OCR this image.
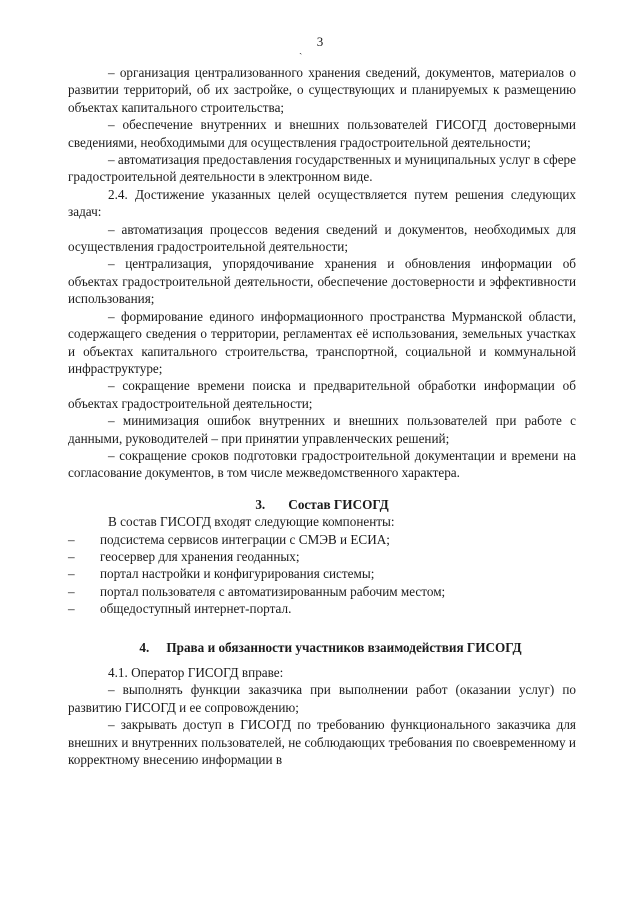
ˏ
3

– организация централизованного хранения сведений, документов, материалов о развитии территорий, об их застройке, о существующих и планируемых к размещению объектах капитального строительства;

– обеспечение внутренних и внешних пользователей ГИСОГД достоверными сведениями, необходимыми для осуществления градостроительной деятельности;

– автоматизация предоставления государственных и муниципальных услуг в сфере градостроительной деятельности в электронном виде.

2.4. Достижение указанных целей осуществляется путем решения следующих задач:

– автоматизация процессов ведения сведений и документов, необходимых для осуществления градостроительной деятельности;

– централизация, упорядочивание хранения и обновления информации об объектах градостроительной деятельности, обеспечение достоверности и эффективности использования;

– формирование единого информационного пространства Мурманской области, содержащего сведения о территории, регламентах её использования, земельных участках и объектах капитального строительства, транспортной, социальной и коммунальной инфраструктуре;

– сокращение времени поиска и предварительной обработки информации об объектах градостроительной деятельности;

– минимизация ошибок внутренних и внешних пользователей при работе с данными, руководителей – при принятии управленческих решений;

– сокращение сроков подготовки градостроительной документации и времени на согласование документов, в том числе межведомственного характера.

3. Состав ГИСОГД

В состав ГИСОГД входят следующие компоненты:

– подсистема сервисов интеграции с СМЭВ и ЕСИА;

– геосервер для хранения геоданных;

– портал настройки и конфигурирования системы;

– портал пользователя с автоматизированным рабочим местом;

– общедоступный интернет-портал.

4. Права и обязанности участников взаимодействия ГИСОГД

4.1. Оператор ГИСОГД вправе:

– выполнять функции заказчика при выполнении работ (оказании услуг) по развитию ГИСОГД и ее сопровождению;

– закрывать доступ в ГИСОГД по требованию функционального заказчика для внешних и внутренних пользователей, не соблюдающих требования по своевременному и корректному внесению информации в
